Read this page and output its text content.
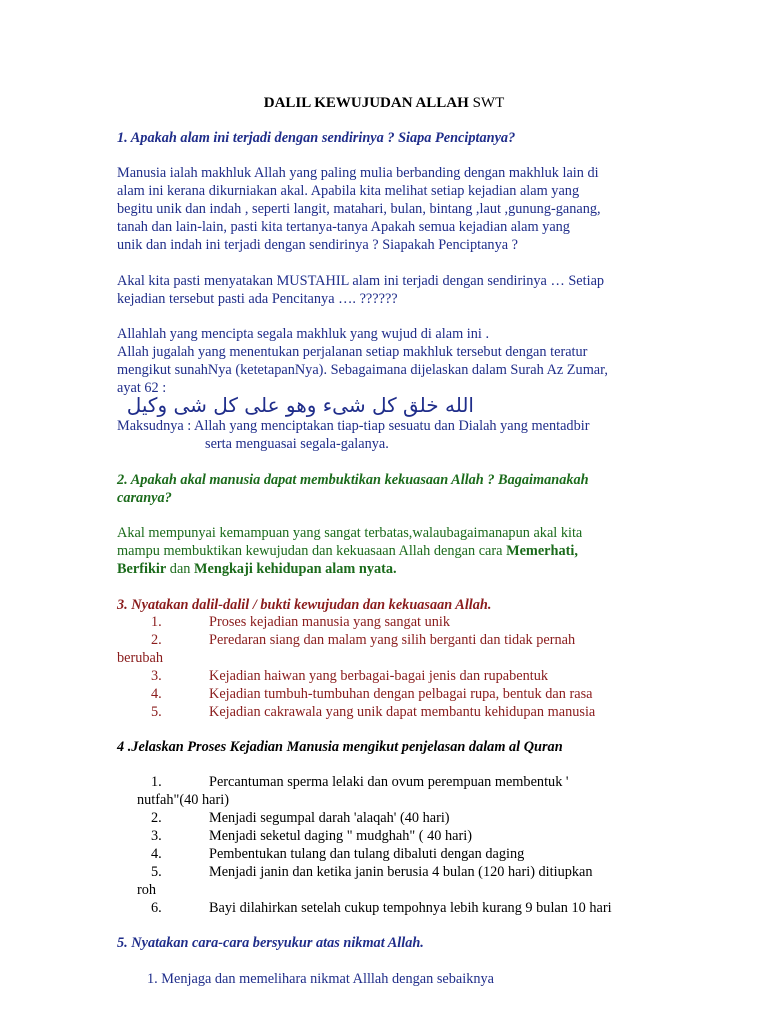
DALIL KEWUJUDAN ALLAH SWT
1. Apakah alam ini terjadi dengan sendirinya ? Siapa Penciptanya?
Manusia ialah makhluk Allah yang paling mulia berbanding dengan makhluk lain di
alam ini kerana dikurniakan akal. Apabila kita melihat setiap kejadian alam yang
begitu unik dan indah , seperti langit, matahari, bulan, bintang ,laut ,gunung-ganang,
tanah dan lain-lain, pasti kita tertanya-tanya Apakah semua kejadian alam yang
unik dan indah ini terjadi dengan sendirinya ? Siapakah Penciptanya ?
Akal kita pasti menyatakan MUSTAHIL alam ini terjadi dengan sendirinya … Setiap
kejadian tersebut pasti ada Pencitanya …. ??????
Allahlah yang mencipta segala makhluk yang wujud di alam ini .
Allah jugalah yang menentukan perjalanan setiap makhluk tersebut dengan teratur
mengikut sunahNya (ketetapanNya). Sebagaimana dijelaskan dalam Surah Az Zumar,
ayat 62 :
الله خلق كل شىء وهو على كل شى وكيل
Maksudnya : Allah yang menciptakan tiap-tiap sesuatu dan Dialah yang mentadbir
serta menguasai segala-galanya.
2. Apakah akal manusia dapat membuktikan kekuasaan Allah ? Bagaimanakah
caranya?
Akal mempunyai kemampuan yang sangat terbatas,walaubagaimanapun akal kita
mampu membuktikan kewujudan dan kekuasaan Allah dengan cara Memerhati,
Berfikir dan Mengkaji kehidupan alam nyata.
3. Nyatakan dalil-dalil / bukti kewujudan dan kekuasaan Allah.
1.	Proses kejadian manusia yang sangat unik
2.	Peredaran siang dan malam yang silih berganti dan tidak pernah
berubah
3.	Kejadian haiwan yang berbagai-bagai jenis dan rupabentuk
4.	Kejadian tumbuh-tumbuhan dengan pelbagai rupa, bentuk dan rasa
5.	Kejadian cakrawala yang unik dapat membantu kehidupan manusia
4 .Jelaskan Proses Kejadian Manusia mengikut penjelasan dalam al Quran
1.	Percantuman sperma lelaki dan ovum perempuan membentuk '
nutfah"(40 hari)
2.	Menjadi segumpal darah 'alaqah' (40 hari)
3.	Menjadi seketul daging " mudghah" ( 40 hari)
4.	Pembentukan tulang dan tulang dibaluti dengan daging
5.	Menjadi janin dan ketika janin berusia 4 bulan (120 hari) ditiupkan
roh
6.	Bayi dilahirkan setelah cukup tempohnya lebih kurang 9 bulan 10 hari
5. Nyatakan cara-cara bersyukur atas nikmat Allah.
1. Menjaga dan memelihara nikmat Alllah dengan sebaiknya
